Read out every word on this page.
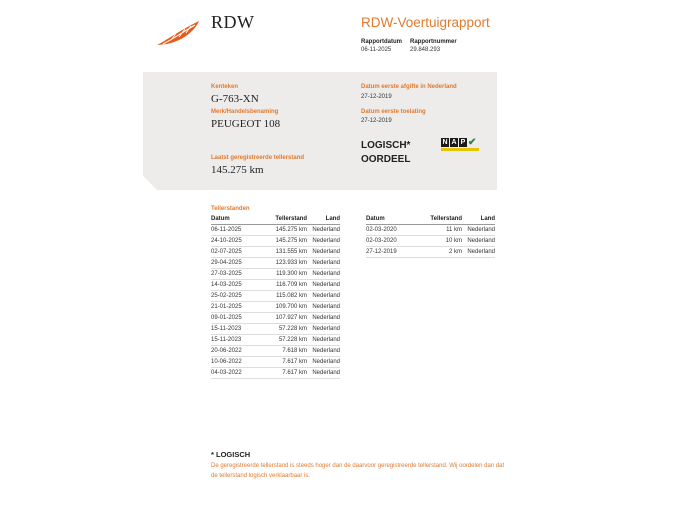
RDW	RDW-Voertuigrapport
Rapportdatum
06-11-2025
Rapportnummer
29.848.293
Kenteken
G-763-XN
Merk/Handelsbenaming
PEUGEOT 108
Laatst geregistreerde tellerstand
145.275 km
Datum eerste afgifte in Nederland
27-12-2019
Datum eerste toelating
27-12-2019
LOGISCH*
OORDEEL
N A P ✔
Tellerstanden
Datum	Tellerstand	Land
06-11-2025	145.275 km	Nederland
24-10-2025	145.275 km	Nederland
02-07-2025	131.555 km	Nederland
29-04-2025	123.933 km	Nederland
27-03-2025	119.300 km	Nederland
14-03-2025	116.709 km	Nederland
25-02-2025	115.082 km	Nederland
21-01-2025	109.700 km	Nederland
09-01-2025	107.927 km	Nederland
15-11-2023	57.228 km	Nederland
15-11-2023	57.228 km	Nederland
20-06-2022	7.618 km	Nederland
10-06-2022	7.617 km	Nederland
04-03-2022	7.617 km	Nederland
Datum	Tellerstand	Land
02-03-2020	11 km	Nederland
02-03-2020	10 km	Nederland
27-12-2019	2 km	Nederland
* LOGISCH
De geregistreerde tellerstand is steeds hoger dan de daarvoor geregistreerde tellerstand. Wij oordelen dan dat de tellerstand logisch verklaarbaar is.
